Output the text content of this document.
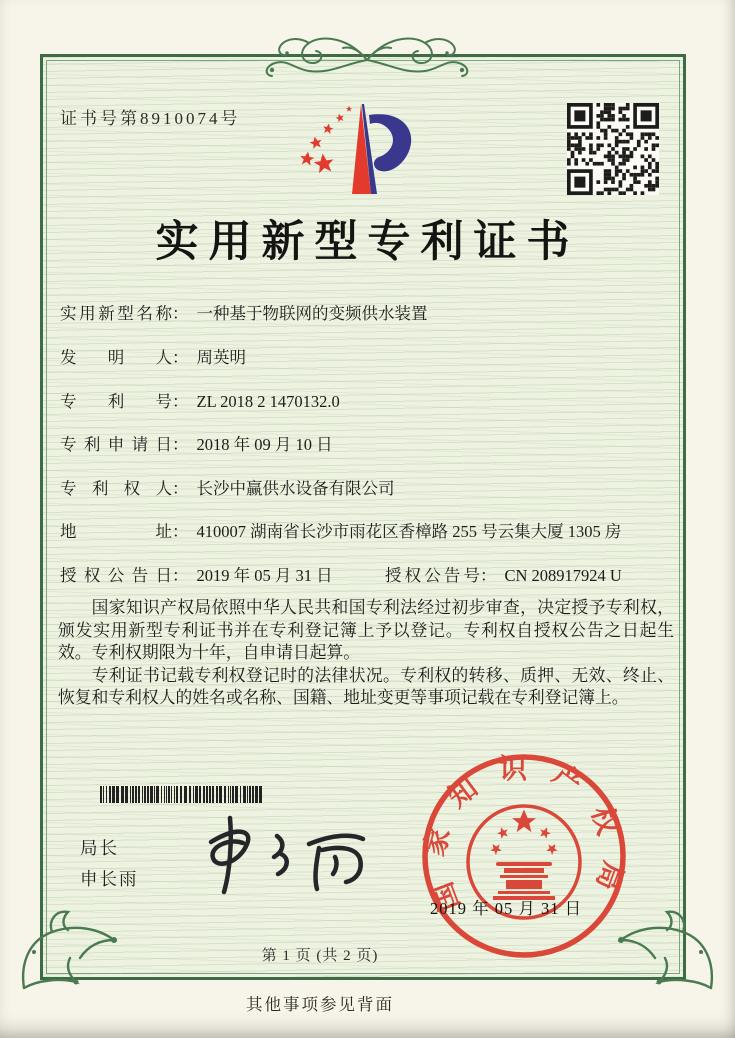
证书号第8910074号
实用新型专利证书
实用新型名称： 一种基于物联网的变频供水装置
发明人： 周英明
专利号： ZL 2018 2 1470132.0
专利申请日： 2018 年 09 月 10 日
专利权人： 长沙中赢供水设备有限公司
地址： 410007 湖南省长沙市雨花区香樟路 255 号云集大厦 1305 房
授权公告日： 2019 年 05 月 31 日	授权公告号： CN 208917924 U

国家知识产权局依照中华人民共和国专利法经过初步审查，决定授予专利权，颁发实用新型专利证书并在专利登记簿上予以登记。专利权自授权公告之日起生效。专利权期限为十年，自申请日起算。

专利证书记载专利权登记时的法律状况。专利权的转移、质押、无效、终止、恢复和专利权人的姓名或名称、国籍、地址变更等事项记载在专利登记簿上。

局长
申长雨	国家知识产权局
2019 年 05 月 31 日
第 1 页 (共 2 页)
其他事项参见背面
